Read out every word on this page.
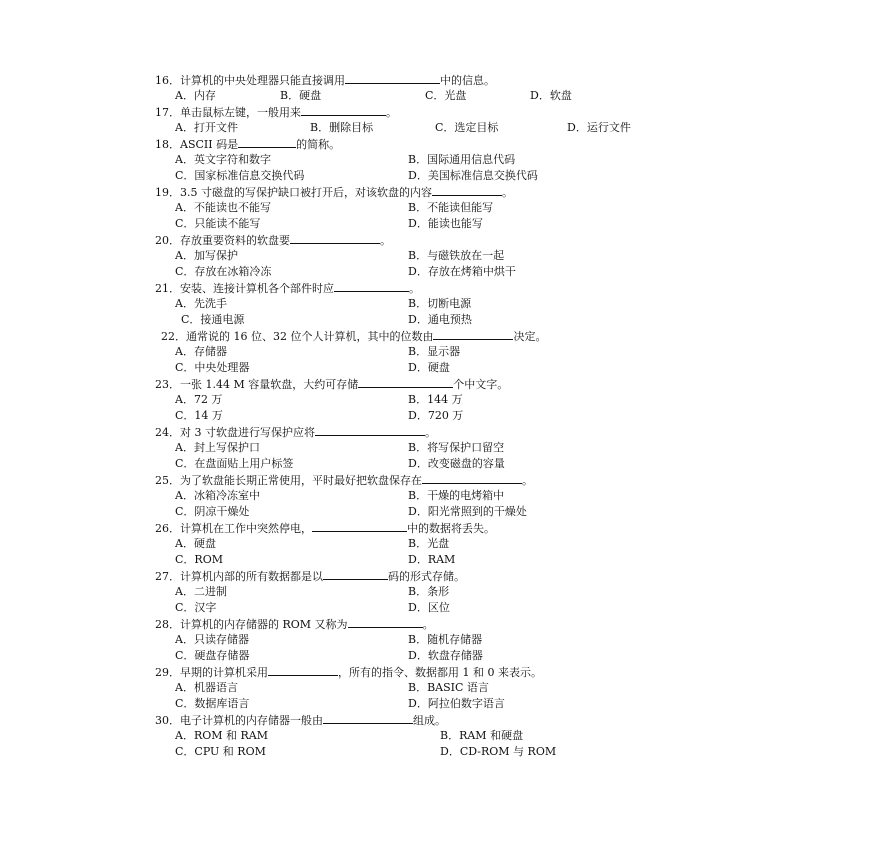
16．计算机的中央处理器只能直接调用	中的信息。
A．内存	B．硬盘	C．光盘	D．软盘
17．单击鼠标左键，一般用来	。
A．打开文件	B．删除目标	C．选定目标	D．运行文件
18．ASCII 码是	的简称。
A．英文字符和数字	B．国际通用信息代码
C．国家标准信息交换代码	D．美国标准信息交换代码
19．3.5 寸磁盘的写保护缺口被打开后，对该软盘的内容	。
A．不能读也不能写	B．不能读但能写
C．只能读不能写	D．能读也能写
20．存放重要资料的软盘要	。
A．加写保护	B．与磁铁放在一起
C．存放在冰箱冷冻	D．存放在烤箱中烘干
21．安装、连接计算机各个部件时应	。
A．先洗手	B．切断电源
C．接通电源	D．通电预热
22．通常说的 16 位、32 位个人计算机，其中的位数由	决定。
A．存储器	B．显示器
C．中央处理器	D．硬盘
23．一张 1.44 M 容量软盘，大约可存储	个中文字。
A．72 万	B．144 万
C．14 万	D．720 万
24．对 3 寸软盘进行写保护应将	。
A．封上写保护口	B．将写保护口留空
C．在盘面贴上用户标签	D．改变磁盘的容量
25．为了软盘能长期正常使用，平时最好把软盘保存在	。
A．冰箱冷冻室中	B．干燥的电烤箱中
C．阴凉干燥处	D．阳光常照到的干燥处
26．计算机在工作中突然停电，	中的数据将丢失。
A．硬盘	B．光盘
C．ROM	D．RAM
27．计算机内部的所有数据都是以	码的形式存储。
A．二进制	B．条形
C．汉字	D．区位
28．计算机的内存储器的 ROM 又称为	。
A．只读存储器	B．随机存储器
C．硬盘存储器	D．软盘存储器
29．早期的计算机采用	，所有的指令、数据都用 1 和 0 来表示。
A．机器语言	B．BASIC 语言
C．数据库语言	D．阿拉伯数字语言
30．电子计算机的内存储器一般由	组成。
A．ROM 和 RAM	B．RAM 和硬盘
C．CPU 和 ROM	D．CD-ROM 与 ROM
